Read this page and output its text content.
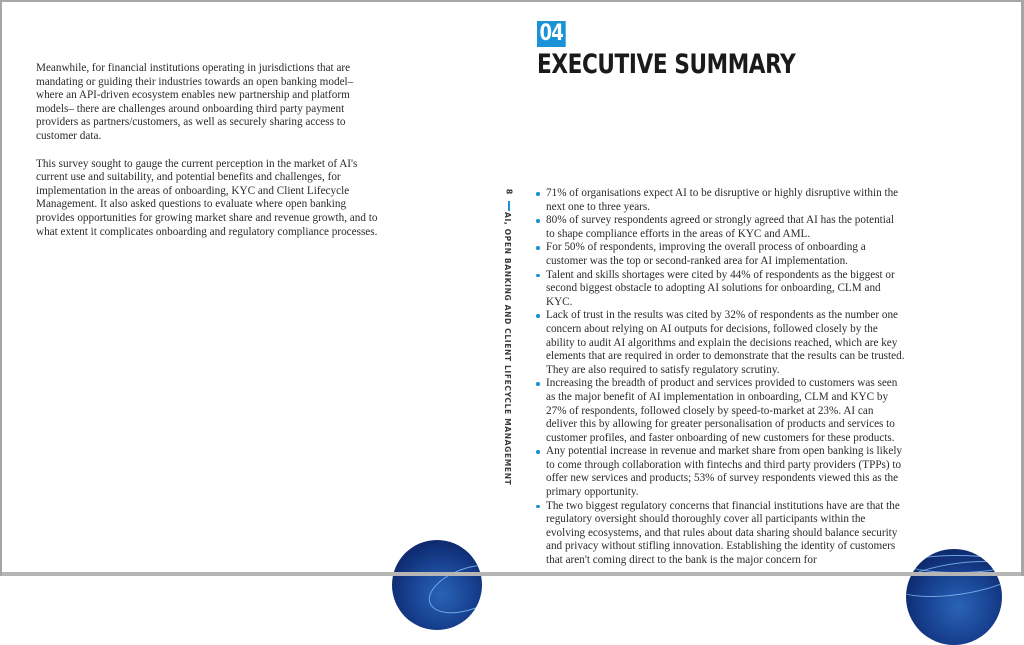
Meanwhile, for financial institutions operating in jurisdictions that are mandating or guiding their industries towards an open banking model– where an API-driven ecosystem enables new partnership and platform models– there are challenges around onboarding third party payment providers as partners/customers, as well as securely sharing access to customer data.

This survey sought to gauge the current perception in the market of AI's current use and suitability, and potential benefits and challenges, for implementation in the areas of onboarding, KYC and Client Lifecycle Management. It also asked questions to evaluate where open banking provides opportunities for growing market share and revenue growth, and to what extent it complicates onboarding and regulatory compliance processes.

04
EXECUTIVE SUMMARY
8
AI, OPEN BANKING AND CLIENT LIFECYCLE MANAGEMENT
71% of organisations expect AI to be disruptive or highly disruptive within the next one to three years.
80% of survey respondents agreed or strongly agreed that AI has the potential to shape compliance efforts in the areas of KYC and AML.
For 50% of respondents, improving the overall process of onboarding a customer was the top or second-ranked area for AI implementation.
Talent and skills shortages were cited by 44% of respondents as the biggest or second biggest obstacle to adopting AI solutions for onboarding, CLM and KYC.
Lack of trust in the results was cited by 32% of respondents as the number one concern about relying on AI outputs for decisions, followed closely by the ability to audit AI algorithms and explain the decisions reached, which are key elements that are required in order to demonstrate that the results can be trusted. They are also required to satisfy regulatory scrutiny.
Increasing the breadth of product and services provided to customers was seen as the major benefit of AI implementation in onboarding, CLM and KYC by 27% of respondents, followed closely by speed-to-market at 23%. AI can deliver this by allowing for greater personalisation of products and services to customer profiles, and faster onboarding of new customers for these products.
Any potential increase in revenue and market share from open banking is likely to come through collaboration with fintechs and third party providers (TPPs) to offer new services and products; 53% of survey respondents viewed this as the primary opportunity.
The two biggest regulatory concerns that financial institutions have are that the regulatory oversight should thoroughly cover all participants within the evolving ecosystems, and that rules about data sharing should balance security and privacy without stifling innovation. Establishing the identity of customers that aren't coming direct to the bank is the major concern for
